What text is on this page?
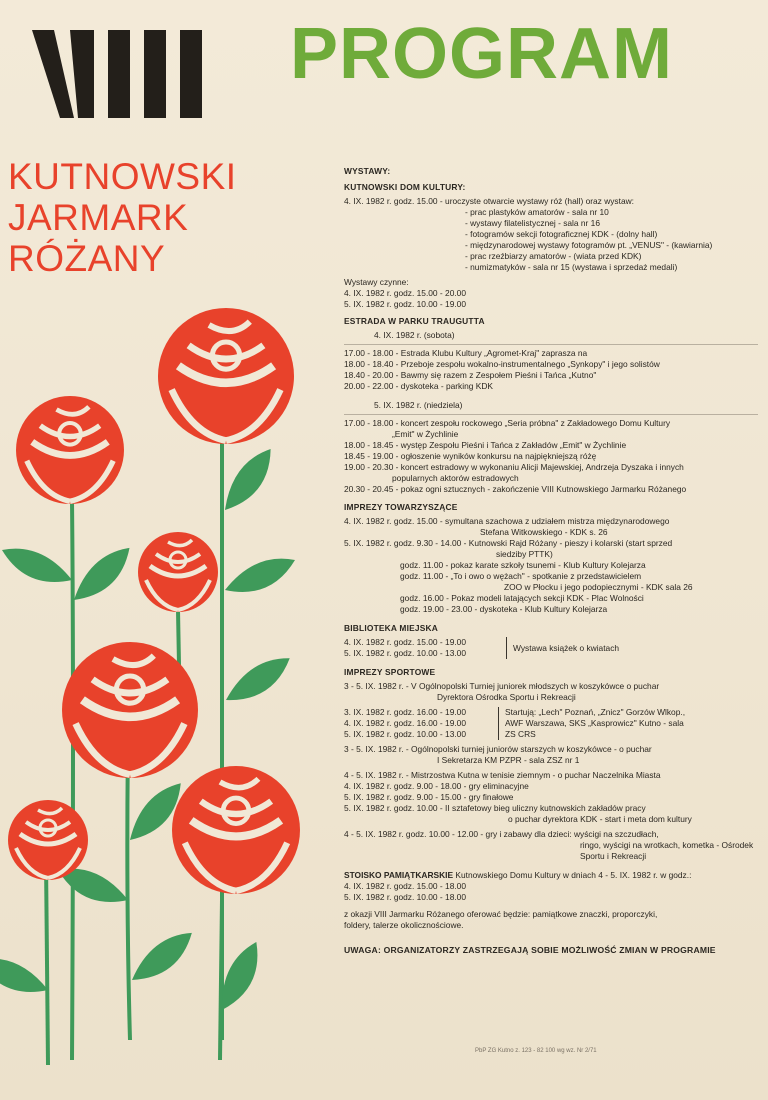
PROGRAM
KUTNOWSKI
JARMARK
RÓŻANY
WYSTAWY:
KUTNOWSKI DOM KULTURY:
4. IX. 1982 r. godz. 15.00 - uroczyste otwarcie wystawy róż (hall) oraz wystaw:
- prac plastyków amatorów - sala nr 10
- wystawy filatelistycznej - sala nr 16
- fotogramów sekcji fotograficznej KDK - (dolny hall)
- międzynarodowej wystawy fotogramów pt. „VENUS" - (kawiarnia)
- prac rzeźbiarzy amatorów - (wiata przed KDK)
- numizmatyków - sala nr 15 (wystawa i sprzedaż medali)
Wystawy czynne:
4. IX. 1982 r. godz. 15.00 - 20.00
5. IX. 1982 r. godz. 10.00 - 19.00
ESTRADA W PARKU TRAUGUTTA
4. IX. 1982 r. (sobota)
17.00 - 18.00 - Estrada Klubu Kultury „Agromet-Kraj" zaprasza na
18.00 - 18.40 - Przeboje zespołu wokalno-instrumentalnego „Synkopy" i jego solistów
18.40 - 20.00 - Bawmy się razem z Zespołem Pieśni i Tańca „Kutno"
20.00 - 22.00 - dyskoteka - parking KDK
5. IX. 1982 r. (niedziela)
17.00 - 18.00 - koncert zespołu rockowego „Seria próbna" z Zakładowego Domu Kultury
„Emit" w Żychlinie
18.00 - 18.45 - występ Zespołu Pieśni i Tańca z Zakładów „Emit" w Żychlinie
18.45 - 19.00 - ogłoszenie wyników konkursu na najpiękniejszą różę
19.00 - 20.30 - koncert estradowy w wykonaniu Alicji Majewskiej, Andrzeja Dyszaka i innych
popularnych aktorów estradowych
20.30 - 20.45 - pokaz ogni sztucznych - zakończenie VIII Kutnowskiego Jarmarku Różanego
IMPREZY TOWARZYSZĄCE
4. IX. 1982 r. godz. 15.00 - symultana szachowa z udziałem mistrza międzynarodowego
Stefana Witkowskiego - KDK s. 26
5. IX. 1982 r. godz. 9.30 - 14.00 - Kutnowski Rajd Różany - pieszy i kolarski (start sprzed
siedziby PTTK)
godz. 11.00 - pokaz karate szkoły tsunemi - Klub Kultury Kolejarza
godz. 11.00 - „To i owo o wężach" - spotkanie z przedstawicielem
ZOO w Płocku i jego podopiecznymi - KDK sala 26
godz. 16.00 - Pokaz modeli latających sekcji KDK - Plac Wolności
godz. 19.00 - 23.00 - dyskoteka - Klub Kultury Kolejarza
BIBLIOTEKA MIEJSKA
4. IX. 1982 r. godz. 15.00 - 19.00
5. IX. 1982 r. godz. 10.00 - 13.00
Wystawa książek o kwiatach
IMPREZY SPORTOWE
3 - 5. IX. 1982 r. - V Ogólnopolski Turniej juniorek młodszych w koszykówce o puchar
Dyrektora Ośrodka Sportu i Rekreacji
3. IX. 1982 r. godz. 16.00 - 19.00
4. IX. 1982 r. godz. 16.00 - 19.00
5. IX. 1982 r. godz. 10.00 - 13.00
Startują: „Lech" Poznań, „Znicz" Gorzów Wlkop.,
AWF Warszawa, SKS „Kasprowicz" Kutno - sala
ZS CRS
3 - 5. IX. 1982 r. - Ogólnopolski turniej juniorów starszych w koszykówce - o puchar
I Sekretarza KM PZPR - sala ZSZ nr 1
4 - 5. IX. 1982 r. - Mistrzostwa Kutna w tenisie ziemnym - o puchar Naczelnika Miasta
4. IX. 1982 r. godz. 9.00 - 18.00 - gry eliminacyjne
5. IX. 1982 r. godz. 9.00 - 15.00 - gry finałowe
5. IX. 1982 r. godz. 10.00 - II sztafetowy bieg uliczny kutnowskich zakładów pracy
o puchar dyrektora KDK - start i meta dom kultury
4 - 5. IX. 1982 r. godz. 10.00 - 12.00 - gry i zabawy dla dzieci: wyścigi na szczudłach,
ringo, wyścigi na wrotkach, kometka - Ośrodek
Sportu i Rekreacji
STOISKO PAMIĄTKARSKIE Kutnowskiego Domu Kultury w dniach 4 - 5. IX. 1982 r. w godz.:
4. IX. 1982 r. godz. 15.00 - 18.00
5. IX. 1982 r. godz. 10.00 - 18.00
z okazji VIII Jarmarku Różanego oferować będzie: pamiątkowe znaczki, proporczyki,
foldery, talerze okolicznościowe.
UWAGA: ORGANIZATORZY ZASTRZEGAJĄ SOBIE MOŻLIWOŚĆ ZMIAN W PROGRAMIE
PbP ZG Kutno z. 123 - 82 100 wg wz. Nr 2/71
